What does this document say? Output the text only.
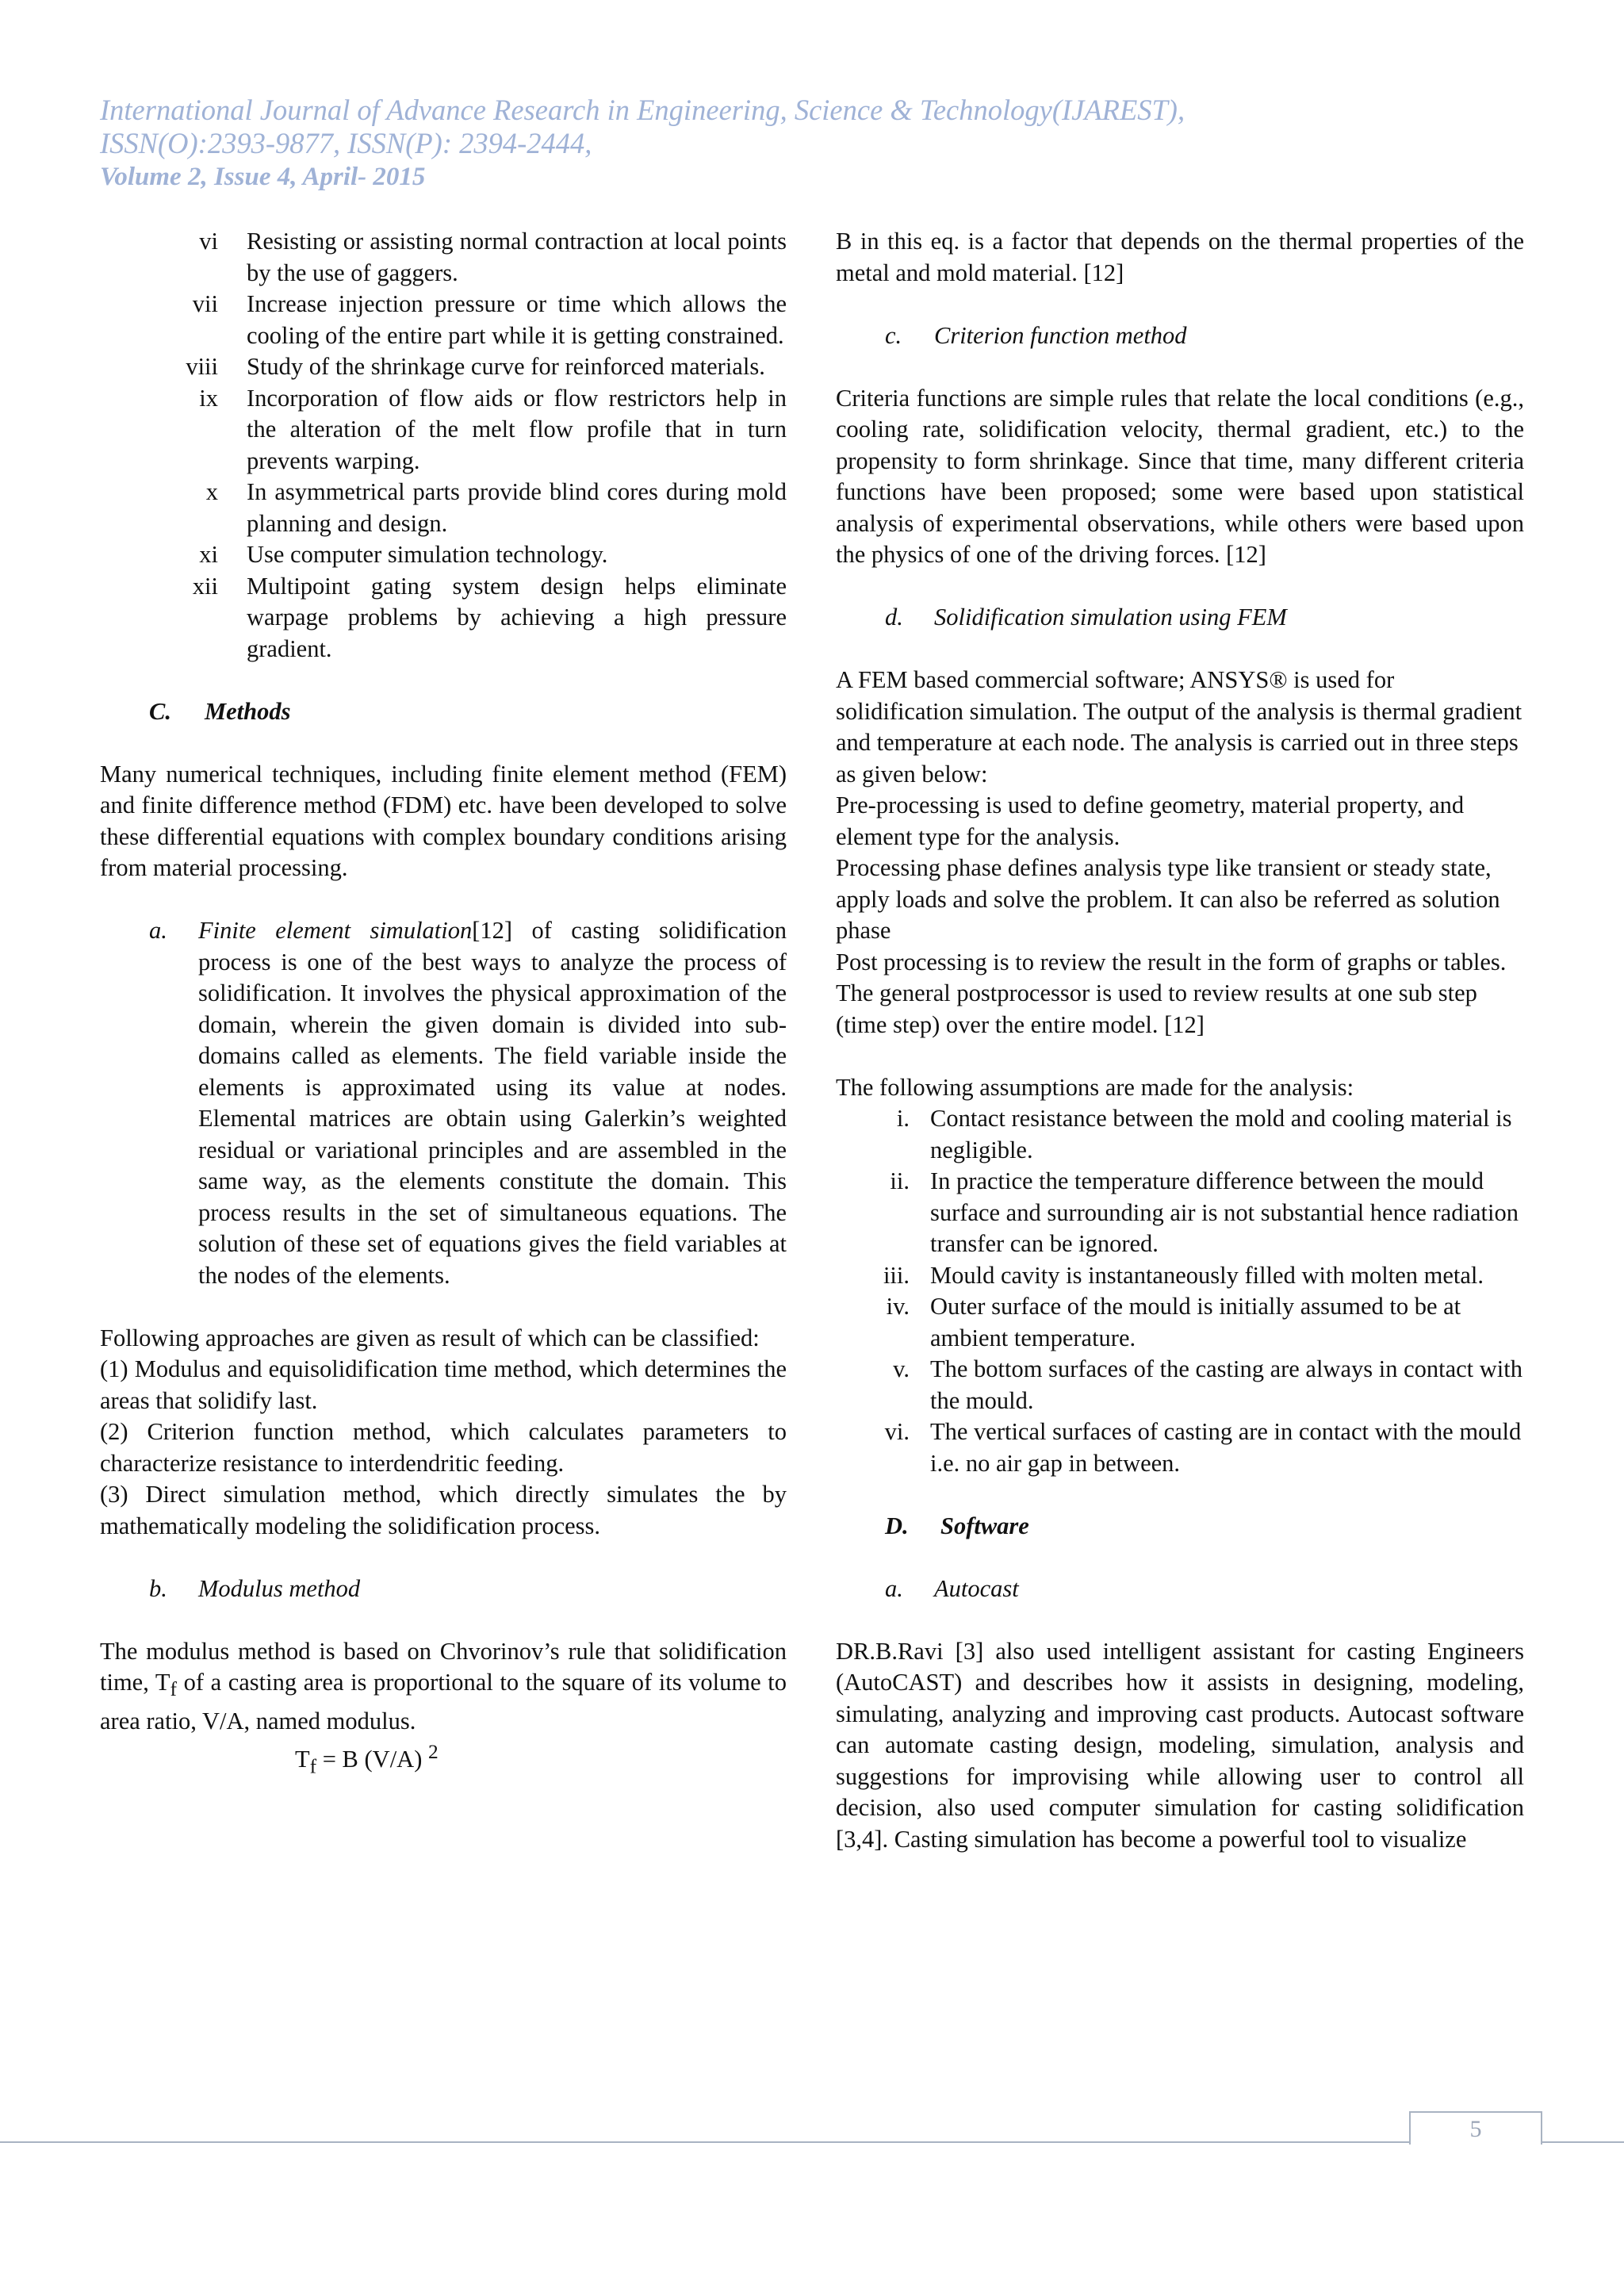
International Journal of Advance Research in Engineering, Science & Technology(IJAREST),
ISSN(O):2393-9877, ISSN(P): 2394-2444,
Volume 2, Issue 4, April- 2015
vi	Resisting or assisting normal contraction at local points by the use of gaggers.
vii	Increase injection pressure or time which allows the cooling of the entire part while it is getting constrained.
viii	Study of the shrinkage curve for reinforced materials.
ix	Incorporation of flow aids or flow restrictors help in the alteration of the melt flow profile that in turn prevents warping.
x	In asymmetrical parts provide blind cores during mold planning and design.
xi	Use computer simulation technology.
xii	Multipoint gating system design helps eliminate warpage problems by achieving a high pressure gradient.

C. Methods

Many numerical techniques, including finite element method (FEM) and finite difference method (FDM) etc. have been developed to solve these differential equations with complex boundary conditions arising from material processing.

a.	Finite element simulation[12] of casting solidification process is one of the best ways to analyze the process of solidification. It involves the physical approximation of the domain, wherein the given domain is divided into sub-domains called as elements. The field variable inside the elements is approximated using its value at nodes. Elemental matrices are obtain using Galerkin’s weighted residual or variational principles and are assembled in the same way, as the elements constitute the domain. This process results in the set of simultaneous equations. The solution of these set of equations gives the field variables at the nodes of the elements.

Following approaches are given as result of which can be classified:

(1) Modulus and equisolidification time method, which determines the areas that solidify last.

(2) Criterion function method, which calculates parameters to characterize resistance to interdendritic feeding.

(3) Direct simulation method, which directly simulates the by mathematically modeling the solidification process.

b. Modulus method

The modulus method is based on Chvorinov’s rule that solidification time, $T_f$ of a casting area is proportional to the square of its volume to area ratio, V/A, named modulus.

$T_f = B$ (V/A) $^2$

B in this eq. is a factor that depends on the thermal properties of the metal and mold material. [12]

c. Criterion function method

Criteria functions are simple rules that relate the local conditions (e.g., cooling rate, solidification velocity, thermal gradient, etc.) to the propensity to form shrinkage. Since that time, many different criteria functions have been proposed; some were based upon statistical analysis of experimental observations, while others were based upon the physics of one of the driving forces. [12]

d. Solidification simulation using FEM

A FEM based commercial software; ANSYS® is used for solidification simulation. The output of the analysis is thermal gradient and temperature at each node. The analysis is carried out in three steps as given below:

Pre-processing is used to define geometry, material property, and element type for the analysis.

Processing phase defines analysis type like transient or steady state, apply loads and solve the problem. It can also be referred as solution phase

Post processing is to review the result in the form of graphs or tables. The general postprocessor is used to review results at one sub step (time step) over the entire model. [12]

The following assumptions are made for the analysis:

i. Contact resistance between the mold and cooling material is negligible.
ii. In practice the temperature difference between the mould surface and surrounding air is not substantial hence radiation transfer can be ignored.
iii. Mould cavity is instantaneously filled with molten metal.
iv. Outer surface of the mould is initially assumed to be at ambient temperature.
v. The bottom surfaces of the casting are always in contact with the mould.
vi. The vertical surfaces of casting are in contact with the mould i.e. no air gap in between.

D. Software

a. Autocast

DR.B.Ravi [3] also used intelligent assistant for casting Engineers (AutoCAST) and describes how it assists in designing, modeling, simulating, analyzing and improving cast products. Autocast software can automate casting design, modeling, simulation, analysis and suggestions for improvising while allowing user to control all decision, also used computer simulation for casting solidification [3,4]. Casting simulation has become a powerful tool to visualize

5
